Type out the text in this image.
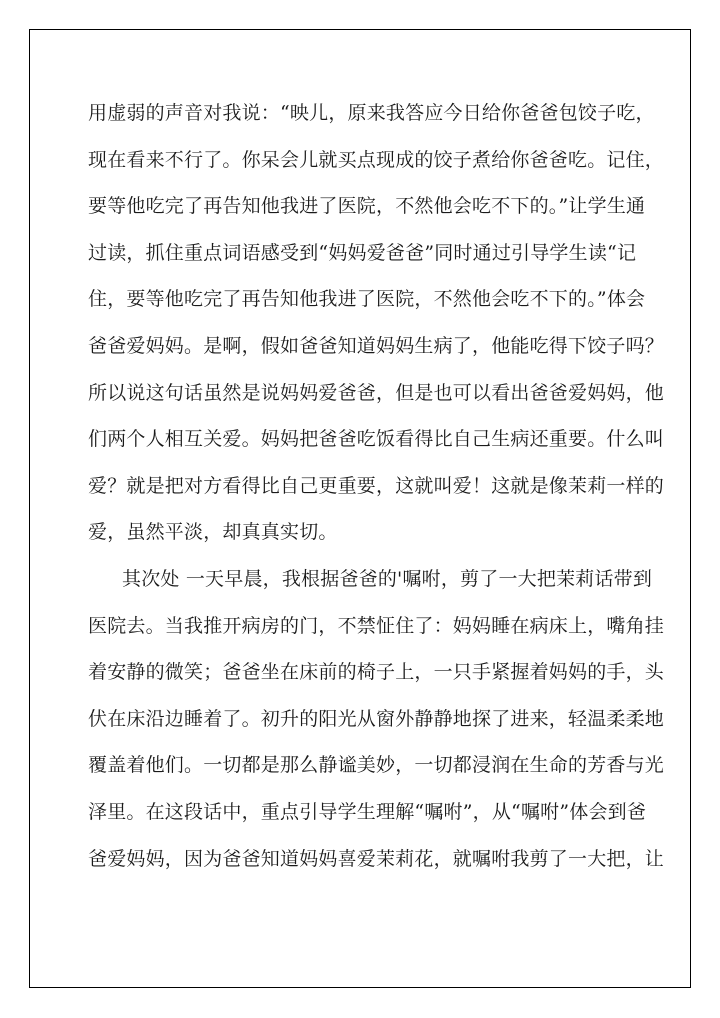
用虚弱的声音对我说：“映儿，原来我答应今日给你爸爸包饺子吃，
现在看来不行了。你呆会儿就买点现成的饺子煮给你爸爸吃。记住，
要等他吃完了再告知他我进了医院，不然他会吃不下的。”让学生通
过读，抓住重点词语感受到“妈妈爱爸爸”同时通过引导学生读“记
住，要等他吃完了再告知他我进了医院，不然他会吃不下的。”体会
爸爸爱妈妈。是啊，假如爸爸知道妈妈生病了，他能吃得下饺子吗？
所以说这句话虽然是说妈妈爱爸爸，但是也可以看出爸爸爱妈妈，他
们两个人相互关爱。妈妈把爸爸吃饭看得比自己生病还重要。什么叫
爱？就是把对方看得比自己更重要，这就叫爱！这就是像茉莉一样的
爱，虽然平淡，却真真实切。
其次处 一天早晨，我根据爸爸的'嘱咐，剪了一大把茉莉话带到
医院去。当我推开病房的门，不禁怔住了：妈妈睡在病床上，嘴角挂
着安静的微笑；爸爸坐在床前的椅子上，一只手紧握着妈妈的手，头
伏在床沿边睡着了。初升的阳光从窗外静静地探了进来，轻温柔柔地
覆盖着他们。一切都是那么静谧美妙，一切都浸润在生命的芳香与光
泽里。在这段话中，重点引导学生理解“嘱咐”，从“嘱咐”体会到爸
爸爱妈妈，因为爸爸知道妈妈喜爱茉莉花，就嘱咐我剪了一大把，让
